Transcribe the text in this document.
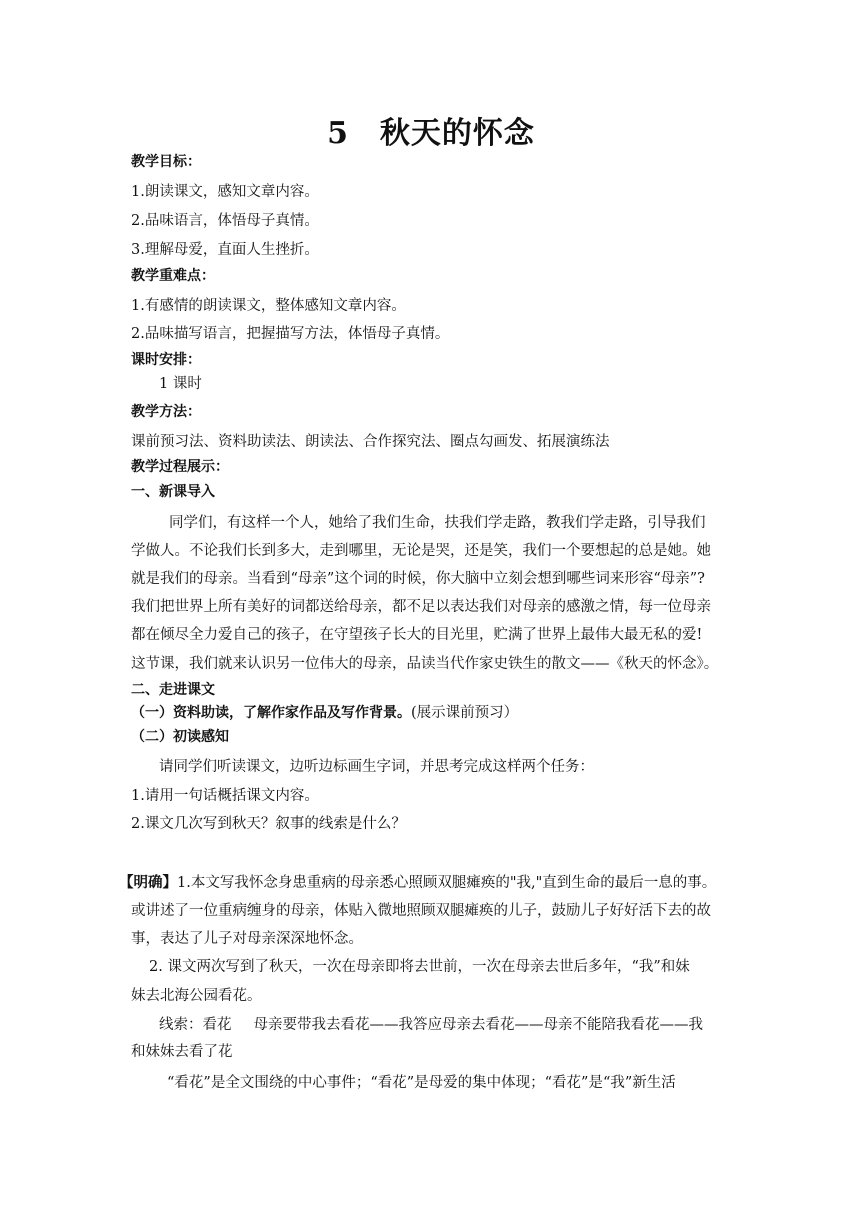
5　秋天的怀念
教学目标：
1.朗读课文，感知文章内容。
2.品味语言，体悟母子真情。
3.理解母爱，直面人生挫折。
教学重难点：
1.有感情的朗读课文，整体感知文章内容。
2.品味描写语言，把握描写方法，体悟母子真情。
课时安排：
1 课时
教学方法：
课前预习法、资料助读法、朗读法、合作探究法、圈点勾画发、拓展演练法
教学过程展示：
一、新课导入
同学们，有这样一个人，她给了我们生命，扶我们学走路，教我们学走路，引导我们
学做人。不论我们长到多大，走到哪里，无论是哭，还是笑，我们一个要想起的总是她。她
就是我们的母亲。当看到“母亲”这个词的时候，你大脑中立刻会想到哪些词来形容“母亲”?
我们把世界上所有美好的词都送给母亲，都不足以表达我们对母亲的感激之情，每一位母亲
都在倾尽全力爱自己的孩子，在守望孩子长大的目光里，贮满了世界上最伟大最无私的爱!
这节课，我们就来认识另一位伟大的母亲，品读当代作家史铁生的散文——《秋天的怀念》。
二、走进课文
（一）资料助读，了解作家作品及写作背景。(展示课前预习）
（二）初读感知
请同学们听读课文，边听边标画生字词，并思考完成这样两个任务：
1.请用一句话概括课文内容。
2.课文几次写到秋天？叙事的线索是什么？
【明确】1.本文写我怀念身患重病的母亲悉心照顾双腿瘫痪的"我,"直到生命的最后一息的事。
或讲述了一位重病缠身的母亲，体贴入微地照顾双腿瘫痪的儿子，鼓励儿子好好活下去的故
事，表达了儿子对母亲深深地怀念。
2. 课文两次写到了秋天，一次在母亲即将去世前，一次在母亲去世后多年，“我”和妹
妹去北海公园看花。
线索：看花 母亲要带我去看花——我答应母亲去看花——母亲不能陪我看花——我
和妹妹去看了花
“看花”是全文围绕的中心事件；“看花”是母爱的集中体现；“看花”是“我”新生活
